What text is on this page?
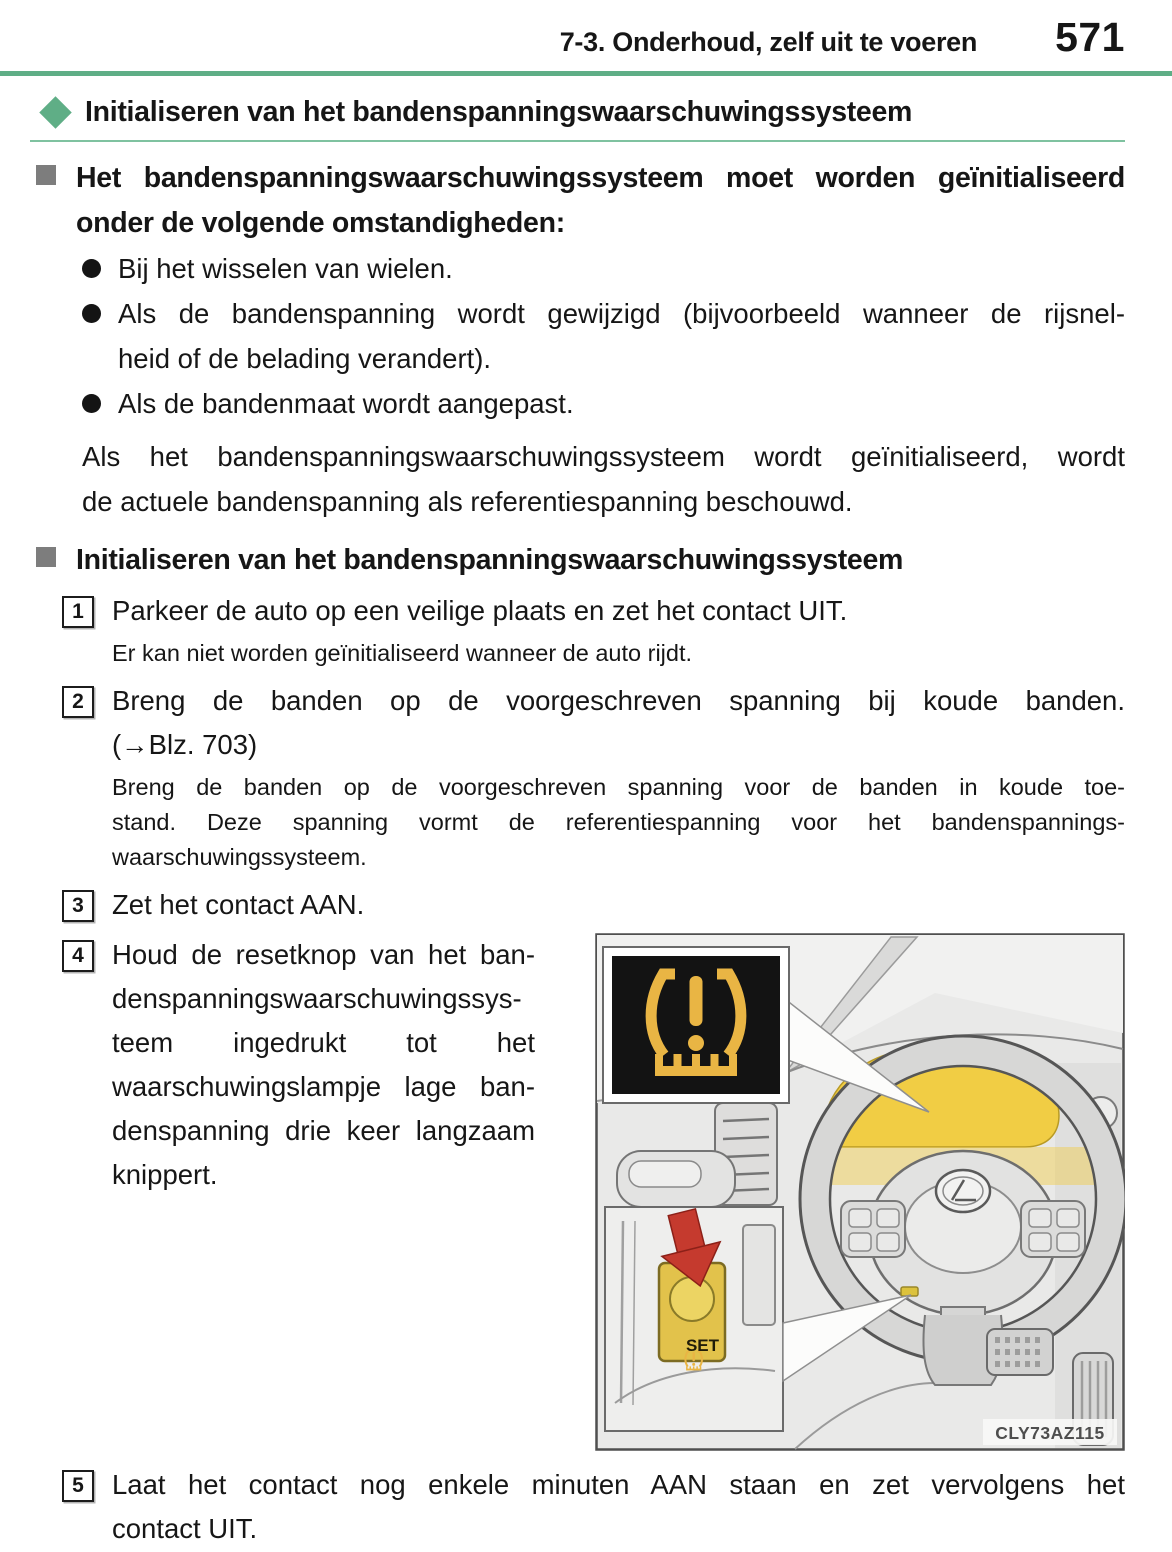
7-3. Onderhoud, zelf uit te voeren 571
Initialiseren van het bandenspanningswaarschuwingssysteem
Het bandenspanningswaarschuwingssysteem moet worden geïnitialiseerd
onder de volgende omstandigheden:
Bij het wisselen van wielen.
Als de bandenspanning wordt gewijzigd (bijvoorbeeld wanneer de rijsnel-
heid of de belading verandert).
Als de bandenmaat wordt aangepast.
Als het bandenspanningswaarschuwingssysteem wordt geïnitialiseerd, wordt
de actuele bandenspanning als referentiespanning beschouwd.
Initialiseren van het bandenspanningswaarschuwingssysteem
1	Parkeer de auto op een veilige plaats en zet het contact UIT.
Er kan niet worden geïnitialiseerd wanneer de auto rijdt.
2	Breng de banden op de voorgeschreven spanning bij koude banden.
(→Blz. 703)
Breng de banden op de voorgeschreven spanning voor de banden in koude toe-
stand. Deze spanning vormt de referentiespanning voor het bandenspannings-
waarschuwingssysteem.
3	Zet het contact AAN.
4	Houd de resetknop van het ban-
denspanningswaarschuwingssys-
teem ingedrukt tot het
waarschuwingslampje lage ban-
denspanning drie keer langzaam
knippert.
SET
CLY73AZ115
5	Laat het contact nog enkele minuten AAN staan en zet vervolgens het
contact UIT.
